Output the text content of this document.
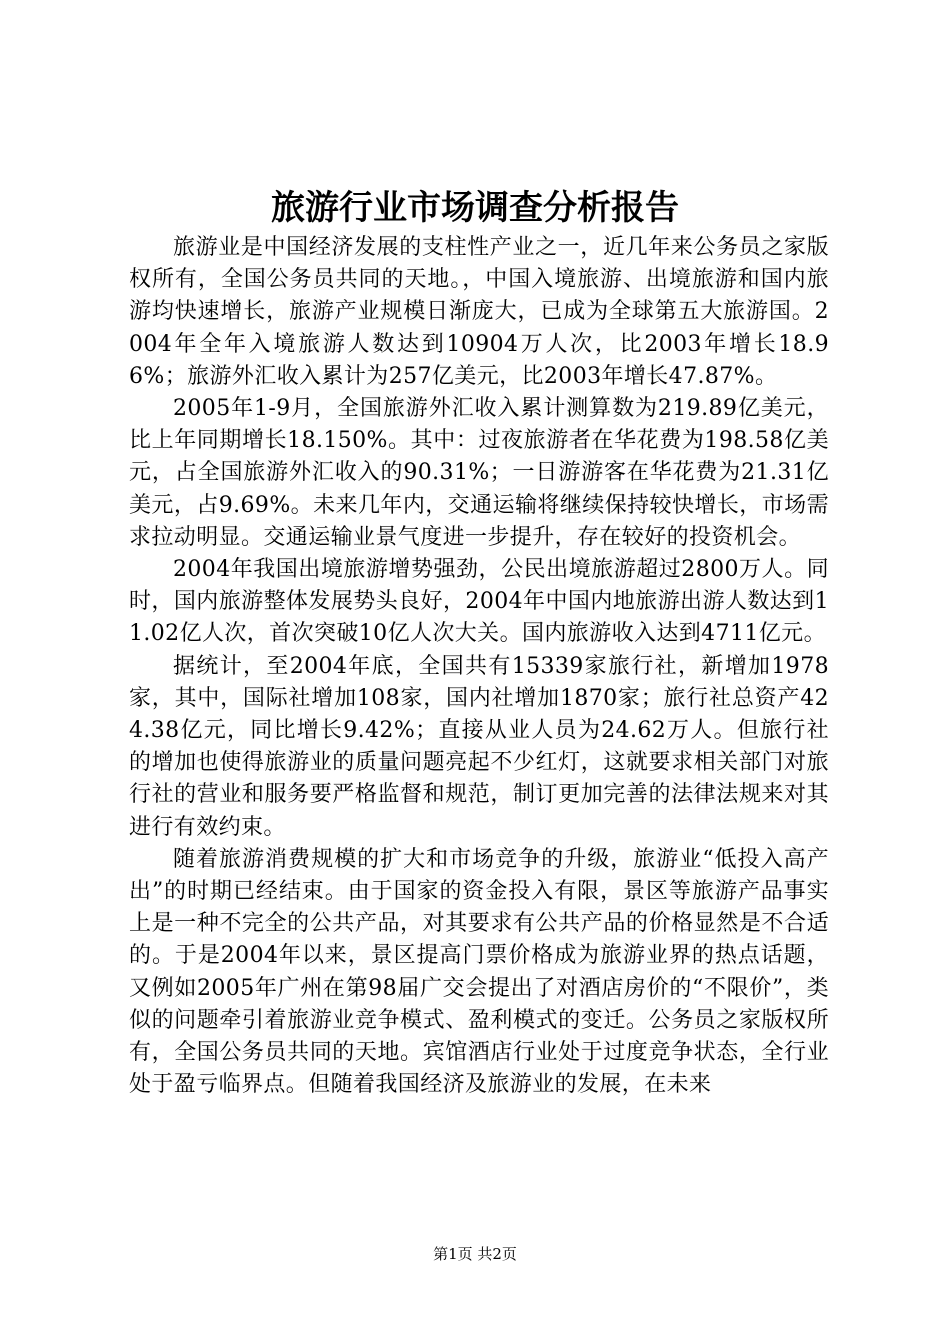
旅游行业市场调查分析报告

旅游业是中国经济发展的支柱性产业之一，近几年来公务员之家版权所有，全国公务员共同的天地。，中国入境旅游、出境旅游和国内旅游均快速增长，旅游产业规模日渐庞大，已成为全球第五大旅游国。2004年全年入境旅游人数达到10904万人次，比2003年增长18.96%；旅游外汇收入累计为257亿美元，比2003年增长47.87%。

2005年1-9月，全国旅游外汇收入累计测算数为219.89亿美元，比上年同期增长18.150%。其中：过夜旅游者在华花费为198.58亿美元，占全国旅游外汇收入的90.31%；一日游游客在华花费为21.31亿美元，占9.69%。未来几年内，交通运输将继续保持较快增长，市场需求拉动明显。交通运输业景气度进一步提升，存在较好的投资机会。

2004年我国出境旅游增势强劲，公民出境旅游超过2800万人。同时，国内旅游整体发展势头良好，2004年中国内地旅游出游人数达到11.02亿人次，首次突破10亿人次大关。国内旅游收入达到4711亿元。

据统计，至2004年底，全国共有15339家旅行社，新增加1978家，其中，国际社增加108家，国内社增加1870家；旅行社总资产424.38亿元，同比增长9.42%；直接从业人员为24.62万人。但旅行社的增加也使得旅游业的质量问题亮起不少红灯，这就要求相关部门对旅行社的营业和服务要严格监督和规范，制订更加完善的法律法规来对其进行有效约束。

随着旅游消费规模的扩大和市场竞争的升级，旅游业“低投入高产出”的时期已经结束。由于国家的资金投入有限，景区等旅游产品事实上是一种不完全的公共产品，对其要求有公共产品的价格显然是不合适的。于是2004年以来，景区提高门票价格成为旅游业界的热点话题，又例如2005年广州在第98届广交会提出了对酒店房价的“不限价”，类似的问题牵引着旅游业竞争模式、盈利模式的变迁。公务员之家版权所有，全国公务员共同的天地。宾馆酒店行业处于过度竞争状态，全行业处于盈亏临界点。但随着我国经济及旅游业的发展，在未来

第1页 共2页
